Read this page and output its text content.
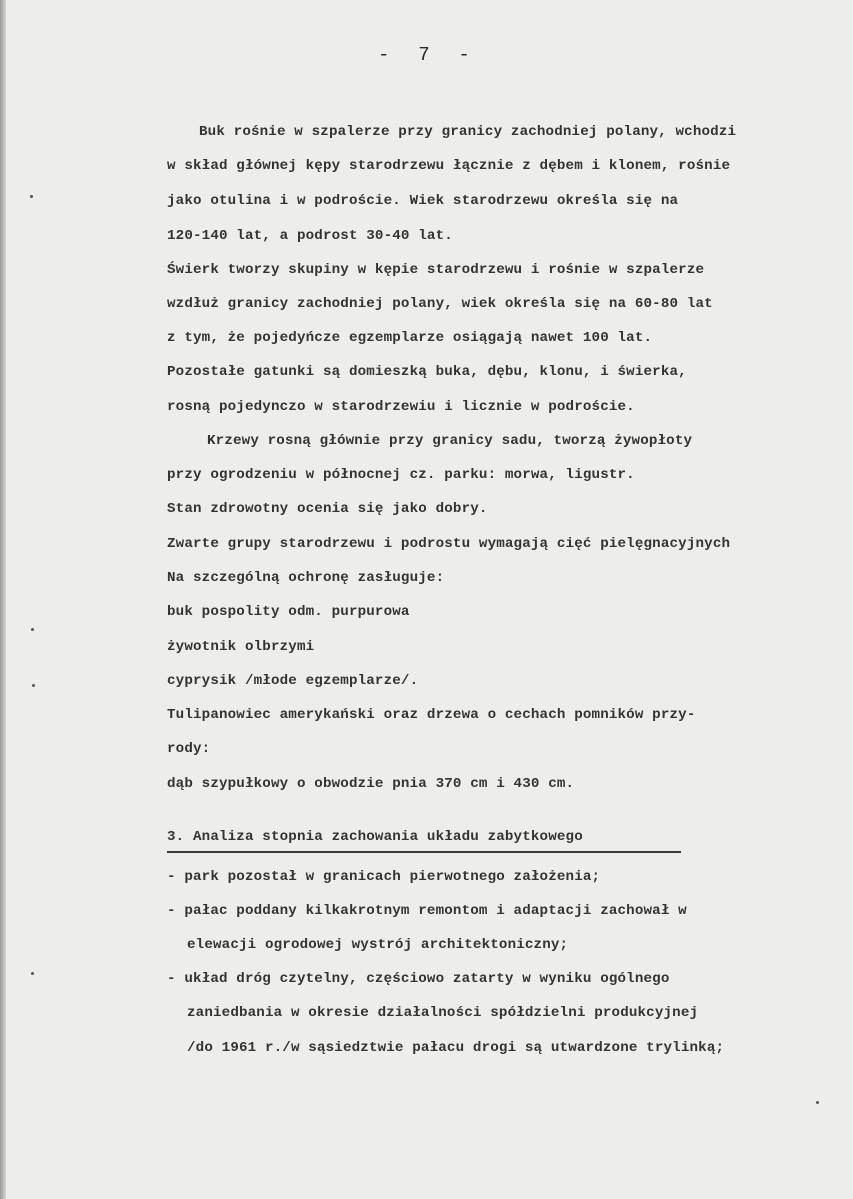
-  7  -
Buk rośnie w szpalerze przy granicy zachodniej polany, wchodzi
w skład głównej kępy starodrzewu łącznie z dębem i klonem, rośnie
jako otulina i w podroście. Wiek starodrzewu określa się na
120-140 lat, a podrost 30-40 lat.
Świerk tworzy skupiny w kępie starodrzewu i rośnie w szpalerze
wzdłuż granicy zachodniej polany, wiek określa się na 60-80 lat
z tym, że pojedyńcze egzemplarze osiągają nawet 100 lat.
Pozostałe gatunki są domieszką buka, dębu, klonu, i świerka,
rosną pojedynczo w starodrzewiu i licznie w podroście.
Krzewy rosną głównie przy granicy sadu, tworzą żywopłoty
przy ogrodzeniu w północnej cz. parku: morwa, ligustr.
Stan zdrowotny ocenia się jako dobry.
Zwarte grupy starodrzewu i podrostu wymagają cięć pielęgnacyjnych
Na szczególną ochronę zasługuje:
buk pospolity odm. purpurowa
żywotnik olbrzymi
cyprysik /młode egzemplarze/.
Tulipanowiec amerykański oraz drzewa o cechach pomników przy-
rody:
dąb szypułkowy o obwodzie pnia 370 cm i 430 cm.
3. Analiza stopnia zachowania układu zabytkowego
- park pozostał w granicach pierwotnego założenia;
- pałac poddany kilkakrotnym remontom i adaptacji zachował w
elewacji ogrodowej wystrój architektoniczny;
- układ dróg czytelny, częściowo zatarty w wyniku ogólnego
zaniedbania w okresie działalności spółdzielni produkcyjnej
/do 1961 r./w sąsiedztwie pałacu drogi są utwardzone trylinką;
